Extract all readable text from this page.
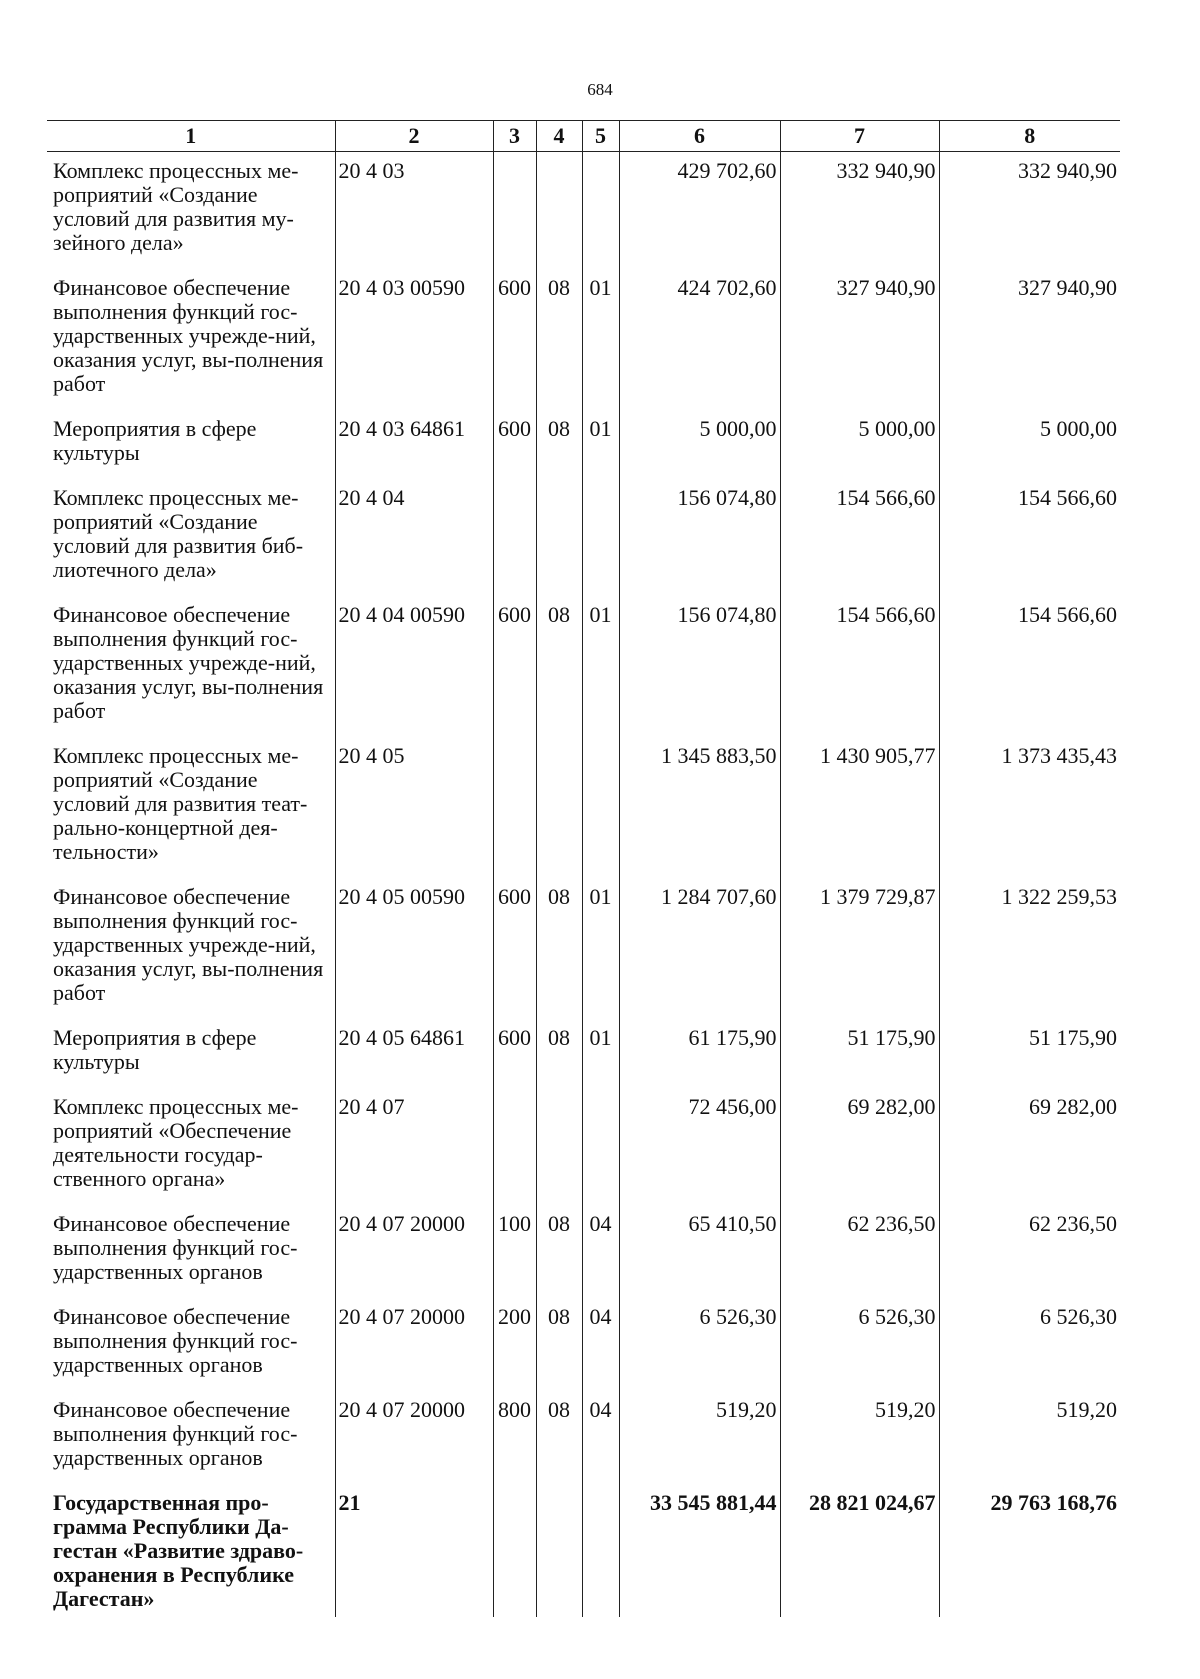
684
1	2	3	4	5	6	7	8
Комплекс процессных ме-роприятий «Создание условий для развития му-зейного дела»	20 4 03				429 702,60	332 940,90	332 940,90
Финансовое обеспечение выполнения функций гос-ударственных учрежде-ний, оказания услуг, вы-полнения работ	20 4 03 00590	600	08	01	424 702,60	327 940,90	327 940,90
Мероприятия в сфере культуры	20 4 03 64861	600	08	01	5 000,00	5 000,00	5 000,00
Комплекс процессных ме-роприятий «Создание условий для развития биб-лиотечного дела»	20 4 04				156 074,80	154 566,60	154 566,60
Финансовое обеспечение выполнения функций гос-ударственных учрежде-ний, оказания услуг, вы-полнения работ	20 4 04 00590	600	08	01	156 074,80	154 566,60	154 566,60
Комплекс процессных ме-роприятий «Создание условий для развития теат-рально-концертной дея-тельности»	20 4 05				1 345 883,50	1 430 905,77	1 373 435,43
Финансовое обеспечение выполнения функций гос-ударственных учрежде-ний, оказания услуг, вы-полнения работ	20 4 05 00590	600	08	01	1 284 707,60	1 379 729,87	1 322 259,53
Мероприятия в сфере культуры	20 4 05 64861	600	08	01	61 175,90	51 175,90	51 175,90
Комплекс процессных ме-роприятий «Обеспечение деятельности государ-ственного органа»	20 4 07				72 456,00	69 282,00	69 282,00
Финансовое обеспечение выполнения функций гос-ударственных органов	20 4 07 20000	100	08	04	65 410,50	62 236,50	62 236,50
Финансовое обеспечение выполнения функций гос-ударственных органов	20 4 07 20000	200	08	04	6 526,30	6 526,30	6 526,30
Финансовое обеспечение выполнения функций гос-ударственных органов	20 4 07 20000	800	08	04	519,20	519,20	519,20
Государственная про-грамма Республики Да-гестан «Развитие здраво-охранения в Республике Дагестан»	21				33 545 881,44	28 821 024,67	29 763 168,76
